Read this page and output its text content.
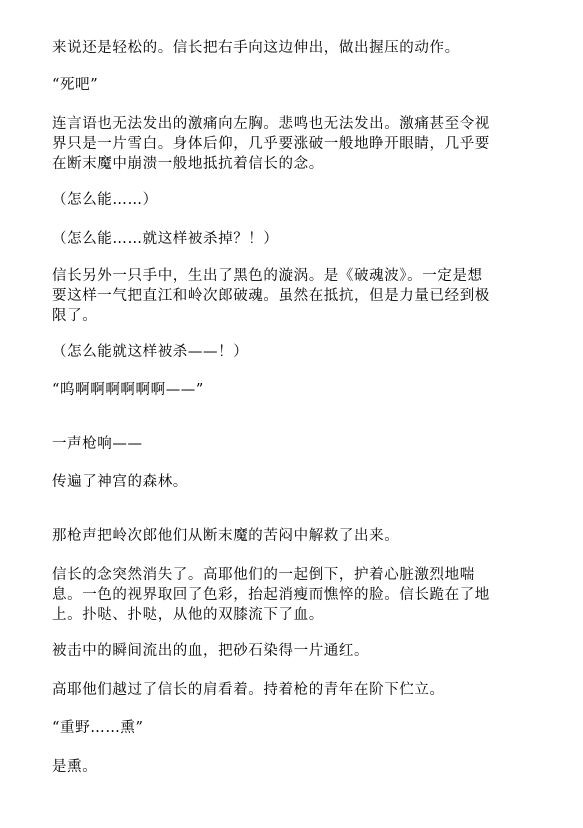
来说还是轻松的。信长把右手向这边伸出，做出握压的动作。
“死吧”
连言语也无法发出的激痛向左胸。悲鸣也无法发出。激痛甚至令视
界只是一片雪白。身体后仰，几乎要涨破一般地睁开眼睛，几乎要
在断末魔中崩溃一般地抵抗着信长的念。
（怎么能……）
（怎么能……就这样被杀掉？！）
信长另外一只手中，生出了黑色的漩涡。是《破魂波》。一定是想
要这样一气把直江和岭次郎破魂。虽然在抵抗，但是力量已经到极
限了。
（怎么能就这样被杀——！）
“呜啊啊啊啊啊啊——”
一声枪响——
传遍了神宫的森林。
那枪声把岭次郎他们从断末魔的苦闷中解救了出来。
信长的念突然消失了。高耶他们的一起倒下，护着心脏激烈地喘
息。一色的视界取回了色彩，抬起消瘦而憔悴的脸。信长跪在了地
上。扑哒、扑哒，从他的双膝流下了血。
被击中的瞬间流出的血，把砂石染得一片通红。
高耶他们越过了信长的肩看着。持着枪的青年在阶下伫立。
“重野……熏”
是熏。
